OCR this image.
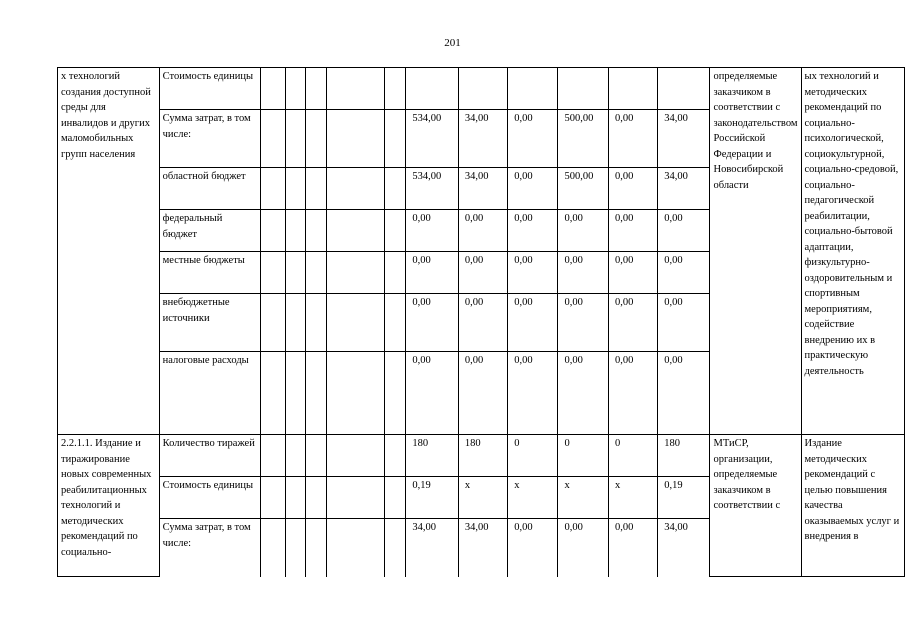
201
х технологий создания доступной среды для инвалидов и других маломобильных групп населения	Стоимость единицы												определяемые заказчиком в соответствии с законодательством Российской Федерации и Новосибирской области	ых технологий и методических рекомендаций по социально-психологической, социокультурной, социально-средовой, социально-педагогической реабилитации, социально-бытовой адаптации, физкультурно-оздоровительным и спортивным мероприятиям, содействие внедрению их в практическую деятельность
	Сумма затрат, в том числе:						534,00	34,00	0,00	500,00	0,00	34,00		
	областной бюджет						534,00	34,00	0,00	500,00	0,00	34,00		
	федеральный бюджет						0,00	0,00	0,00	0,00	0,00	0,00		
	местные бюджеты						0,00	0,00	0,00	0,00	0,00	0,00		
	внебюджетные источники						0,00	0,00	0,00	0,00	0,00	0,00		
	налоговые расходы						0,00	0,00	0,00	0,00	0,00	0,00		
2.2.1.1. Издание и тиражирование новых современных реабилитационных технологий и методических рекомендаций по социально-	Количество тиражей						180	180	0	0	0	180	МТиСР, организации, определяемые заказчиком в соответствии с	Издание методических рекомендаций с целью повышения качества оказываемых услуг и внедрения в
	Стоимость единицы						0,19	х	х	х	х	0,19		
	Сумма затрат, в том числе:						34,00	34,00	0,00	0,00	0,00	34,00		
